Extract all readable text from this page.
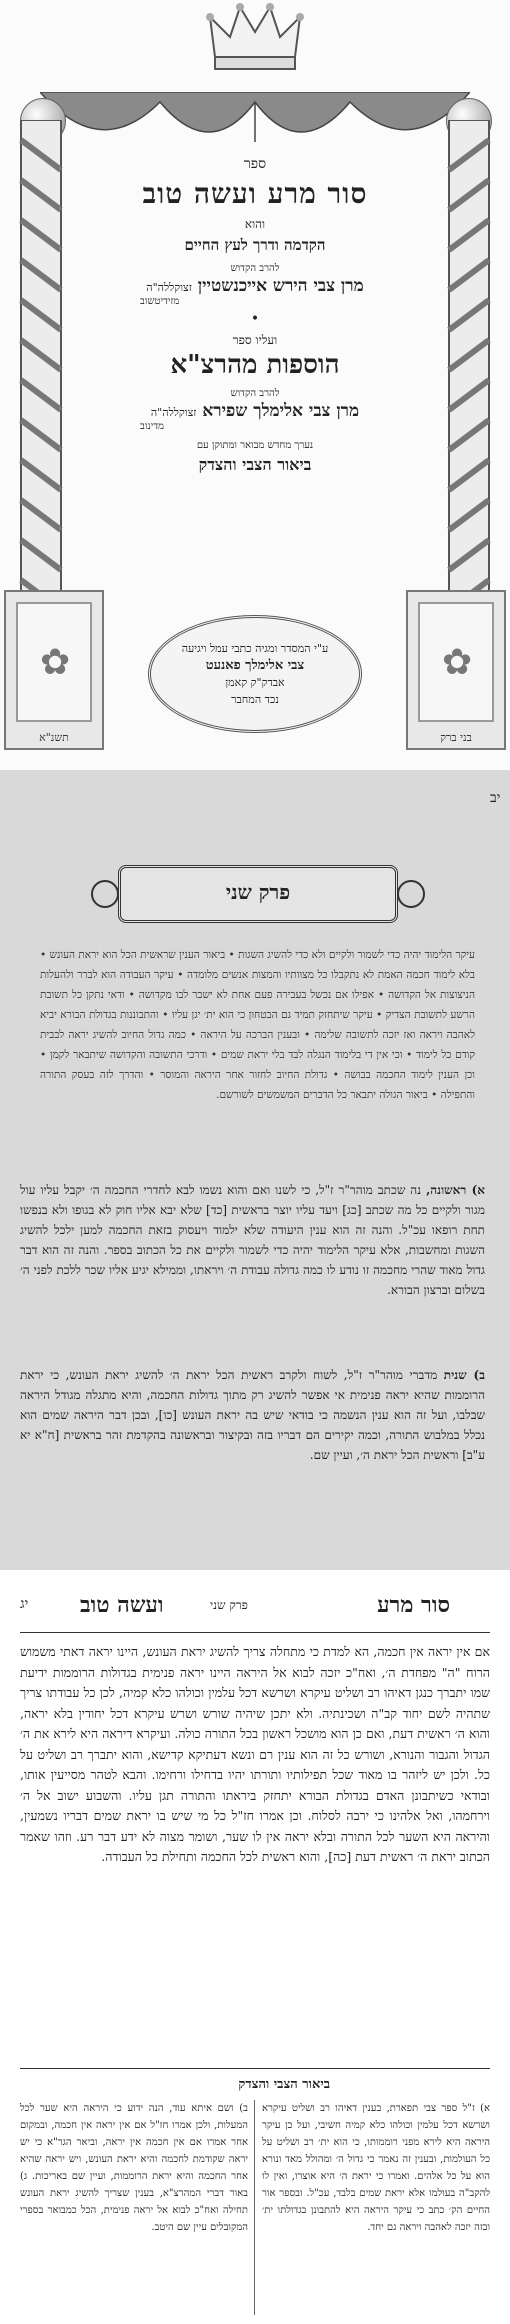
✿
תשנ"א
✿
בני ברק
ספר
סור מרע ועשה טוב
והוא
הקדמה ודרך לעץ החיים
להרב הקדוש
מרן צבי הירש אייכנשטיין זצוקללה"ה
מזידיטשוב
•
ועליו ספר
הוספות מהרצ"א
להרב הקדוש
מרן צבי אלימלך שפירא זצוקללה"ה
מדינוב
נערך מחדש מבואר ומתוקן עם
ביאור הצבי והצדק
ע"י המסדר ומגיה כתבי עמל ויגיעה
צבי אלימלך פאנעט
אבדק"ק קאמן
נכד המחבר
יב
פרק שני
עיקר הלימוד יהיה כדי לשמור ולקיים ולא כדי להשיג השגות • ביאור הענין שראשית הכל הוא יראת העונש • בלא לימוד חכמה האמת לא נתקבלו כל מצוותיו והמצות אנשים מלומדה • עיקר העבודה הוא לברר ולהעלות הניצוצות אל הקדושה • אפילו אם נכשל בעבירה פעם אחת לא ישבר לבו מקדושה • ודאי נתקן כל תשובת הרשע לתשובת הצדיק • עיקר שיתחזק תמיד גם הבטחון כי הוא ית׳ יגן עליו • והתבוננות בגדולת הבורא יביא לאהבה ויראה ואז יזכה לתשובה שלימה • ובענין הברכה על היראה • כמה גדול החיוב להשיג יראה לבבית קודם כל לימוד • וכי אין די בלימוד הנגלה לבד בלי יראת שמים • ודרכי התשובה והקדושה שיתבאר לקמן • וכן הענין לימוד החכמה בבושה • גדולת החיוב לחזור אחר היראה והמוסר • והדרך לזה בעסק התורה והתפילה • ביאור הגולה יתבאר כל הדברים המשמשים לשורשם.
א) ראשונה, נה שכתב מוהר"ר ז"ל, כי לשנו ואם והוא נשמו לבא לחדרי החכמה ה׳ יקבל עליו עול מגור ולקיים כל מה שכתב [כג] ויעד עליו יוצר בראשית [כד] שלא יבא אליו חוק לא בגופו ולא בנפשו תחת רופאו עכ"ל. והנה זה הוא ענין היעודה שלא ילמוד ויעסוק בזאת החכמה למען ילכל להשיג השגות ומחשבות, אלא עיקר הלימוד יהיה כדי לשמור ולקיים את כל הכתוב בספר. והנה זה הוא דבר גדול מאוד שהרי מחכמה זו נודע לו כמה גדולה עבודת ה׳ ויראתו, וממילא יגיע אליו שכר ללכת לפני ה׳ בשלום וברצון הבורא.
ב) שנית מדברי מוהר"ר ז"ל, לשוח ולקרב ראשית הכל יראת ה׳ להשיג יראת העונש, כי יראת הרוממות שהיא יראה פנימית אי אפשר להשיג רק מתוך גדולות החכמה, והיא מתגלה מגודל היראה שבלבו, ועל זה הוא ענין הנשמה כי בודאי שיש בה יראת העונש [כו], ובכן דבר היראה שמים הוא נכלל במלבוש התורה, וכמה יקירים הם דבריו בזה ובקיצור ובראשונה בהקדמת זהר בראשית [ח"א יא ע"ב] וראשית הכל יראת ה׳, ועיין שם.
סור מרע
פרק שני
ועשה טוב
יג
אם אין יראה אין חכמה, הא למדת כי מתחלה צריך להשיג יראת העונש, היינו יראה דאתי משמוש הרוח "ה" מפחדת ה׳, ואח"כ יזכה לבוא אל היראה היינו יראה פנימית בגדולות הרוממות ידיעת שמו יתברך כנגן דאיהו רב ושליט עיקרא ושרשא דכל עלמין וכולהו כלא קמיה, לכן כל עבודתו צריך שתהיה לשם יחוד קב"ה ושכינתיה. ולא יתכן שיהיה שורש ושרש עיקרא דכל יחודין בלא יראה, והוא ה׳ ראשית דעת, ואם כן הוא מושכל ראשון בכל התורה כולה. ועיקרא דיראה היא לירא את ה׳ הגדול והגבור והנורא, ושורש כל זה הוא ענין רם ונשא דעתיקא קדישא, והוא יתברך רב ושליט על כל. ולכן יש ליזהר בו מאוד שכל תפילותיו ותורתו יהיו בדחילו ורחימו. והבא לטהר מסייעין אותו, ובודאי כשיתבונן האדם בגדולת הבורא יתחזק ביראתו והתורה תגן עליו. והשבוע ישוב אל ה׳ וירחמהו, ואל אלהינו כי ירבה לסלוח. וכן אמרו חז"ל כל מי שיש בו יראת שמים דבריו נשמעין, והיראה היא השער לכל התורה ובלא יראה אין לו שער, ושומר מצוה לא ידע דבר רע. וזהו שאמר הכתוב יראת ה׳ ראשית דעת [כה], והוא ראשית לכל החכמה ותחילת כל העבודה.
ביאור הצבי והצדק
א) ז"ל ספר צבי תפארת, בענין דאיהו רב ושליט עיקרא ושרשא דכל עלמין וכולהו כלא קמיה חשיבי, ועל כן עיקר היראה היא לירא מפני רוממותו, כי הוא ית׳ רב ושליט על כל העולמות, ובענין זה נאמר כי גדול ה׳ ומהולל מאד ונורא הוא על כל אלהים. ואמרו כי יראת ה׳ היא אוצרו, ואין לו להקב"ה בעולמו אלא יראת שמים בלבד, עכ"ל. ובספר אור החיים הק׳ כתב כי עיקר היראה היא להתבונן בגדולתו ית׳ ובזה יזכה לאהבה ויראה גם יחד.
ב) ושם איתא עוד, הנה ידוע כי היראה היא שער לכל המעלות, ולכן אמרו חז"ל אם אין יראה אין חכמה, ובמקום אחר אמרו אם אין חכמה אין יראה, וביאר הגר"א כי יש יראה שקודמת לחכמה והיא יראת העונש, ויש יראה שהיא אחר החכמה והיא יראת הרוממות, ועיין שם באריכות. ג) באור דברי המהרצ"א, בענין שצריך להשיג יראת העונש תחילה ואח"כ לבוא אל יראה פנימית, הכל כמבואר בספרי המקובלים עיין שם היטב.
